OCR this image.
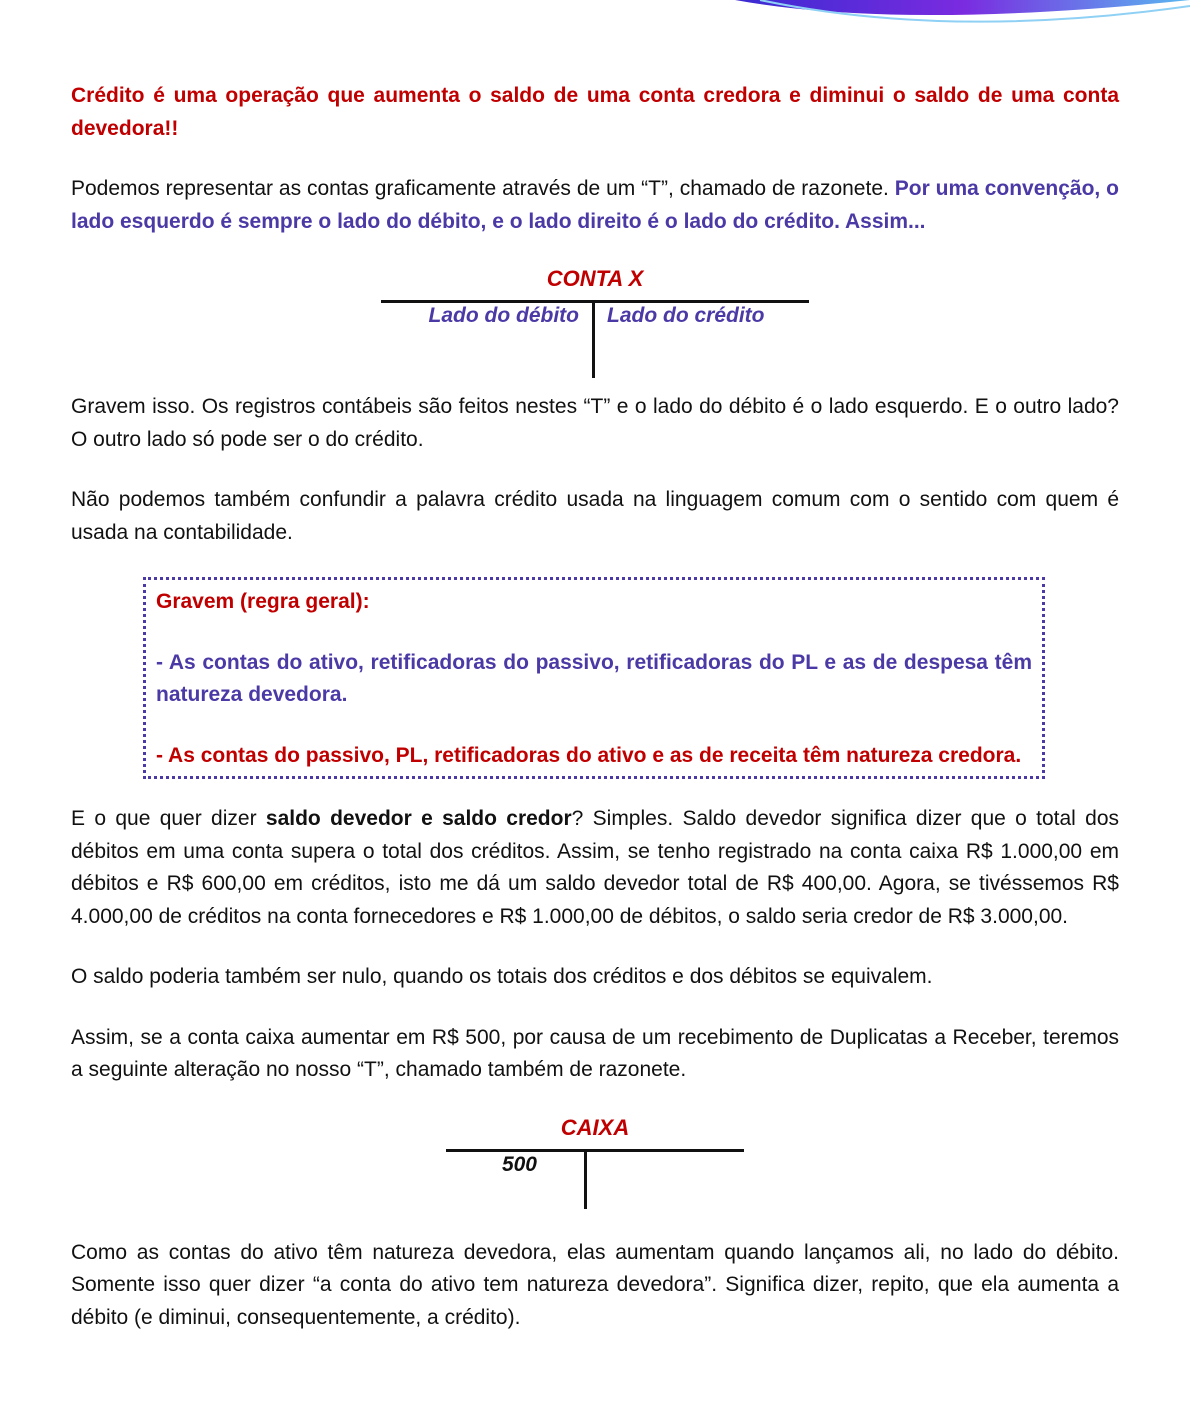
Crédito é uma operação que aumenta o saldo de uma conta credora e diminui o saldo de uma conta devedora!!

Podemos representar as contas graficamente através de um “T”, chamado de razonete. Por uma convenção, o lado esquerdo é sempre o lado do débito, e o lado direito é o lado do crédito. Assim...

CONTA X
Lado do débito Lado do crédito

Gravem isso. Os registros contábeis são feitos nestes “T” e o lado do débito é o lado esquerdo. E o outro lado? O outro lado só pode ser o do crédito.

Não podemos também confundir a palavra crédito usada na linguagem comum com o sentido com quem é usada na contabilidade.

Gravem (regra geral):

- As contas do ativo, retificadoras do passivo, retificadoras do PL e as de despesa têm natureza devedora.

- As contas do passivo, PL, retificadoras do ativo e as de receita têm natureza credora.

E o que quer dizer saldo devedor e saldo credor? Simples. Saldo devedor significa dizer que o total dos débitos em uma conta supera o total dos créditos. Assim, se tenho registrado na conta caixa R$ 1.000,00 em débitos e R$ 600,00 em créditos, isto me dá um saldo devedor total de R$ 400,00. Agora, se tivéssemos R$ 4.000,00 de créditos na conta fornecedores e R$ 1.000,00 de débitos, o saldo seria credor de R$ 3.000,00.

O saldo poderia também ser nulo, quando os totais dos créditos e dos débitos se equivalem.

Assim, se a conta caixa aumentar em R$ 500, por causa de um recebimento de Duplicatas a Receber, teremos a seguinte alteração no nosso “T”, chamado também de razonete.

CAIXA
500

Como as contas do ativo têm natureza devedora, elas aumentam quando lançamos ali, no lado do débito. Somente isso quer dizer “a conta do ativo tem natureza devedora”. Significa dizer, repito, que ela aumenta a débito (e diminui, consequentemente, a crédito).
